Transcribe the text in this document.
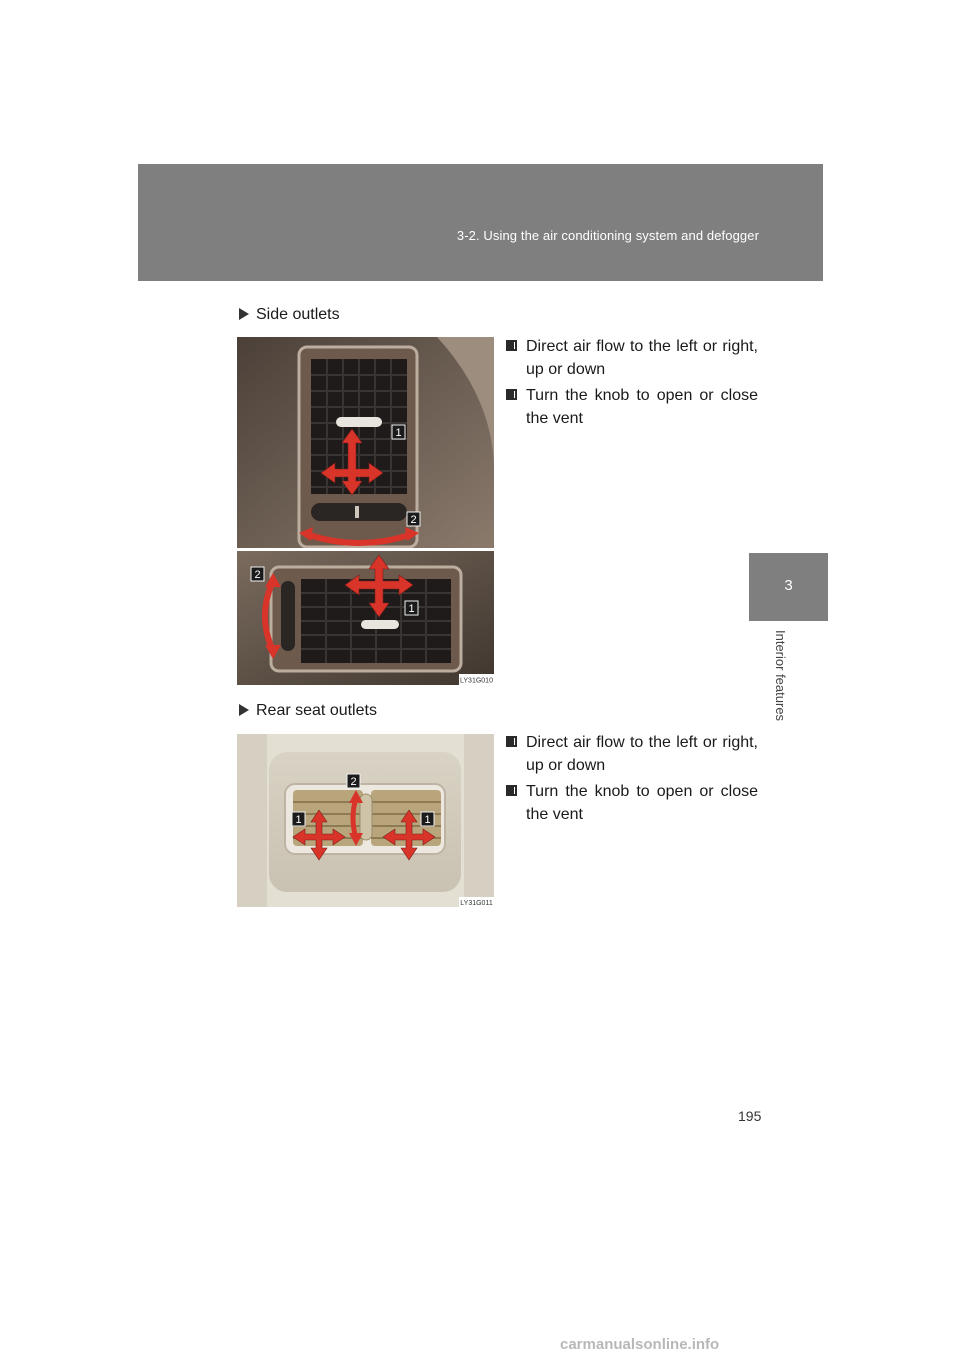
3-2. Using the air conditioning system and defogger
3
Interior features
Side outlets
1
2
2
1
LY31G010
Direct air flow to the left or right, up or down
Turn the knob to open or close the vent
Rear seat outlets
2
1	1
LY31G011
Direct air flow to the left or right, up or down
Turn the knob to open or close the vent
195
carmanualsonline.info
